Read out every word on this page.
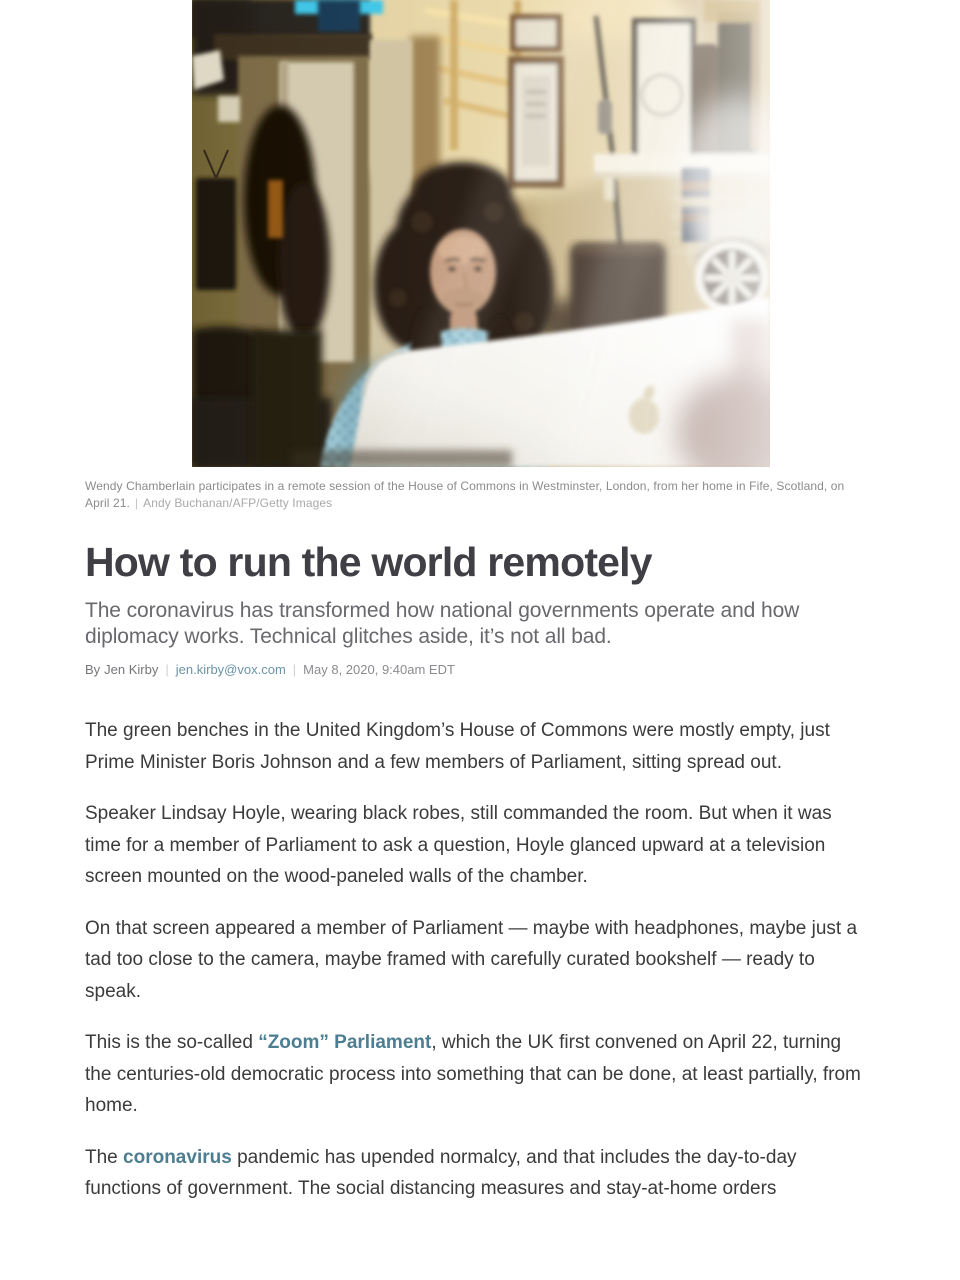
Wendy Chamberlain participates in a remote session of the House of Commons in Westminster, London, from her home in Fife, Scotland, on April 21. | Andy Buchanan/AFP/Getty Images
How to run the world remotely

The coronavirus has transformed how national governments operate and how diplomacy works. Technical glitches aside, it’s not all bad.

By Jen Kirby | jen.kirby@vox.com | May 8, 2020, 9:40am EDT

The green benches in the United Kingdom’s House of Commons were mostly empty, just Prime Minister Boris Johnson and a few members of Parliament, sitting spread out.

Speaker Lindsay Hoyle, wearing black robes, still commanded the room. But when it was time for a member of Parliament to ask a question, Hoyle glanced upward at a television screen mounted on the wood-paneled walls of the chamber.

On that screen appeared a member of Parliament — maybe with headphones, maybe just a tad too close to the camera, maybe framed with carefully curated bookshelf — ready to speak.

This is the so-called “Zoom” Parliament, which the UK first convened on April 22, turning the centuries-old democratic process into something that can be done, at least partially, from home.

The coronavirus pandemic has upended normalcy, and that includes the day-to-day functions of government. The social distancing measures and stay-at-home orders
